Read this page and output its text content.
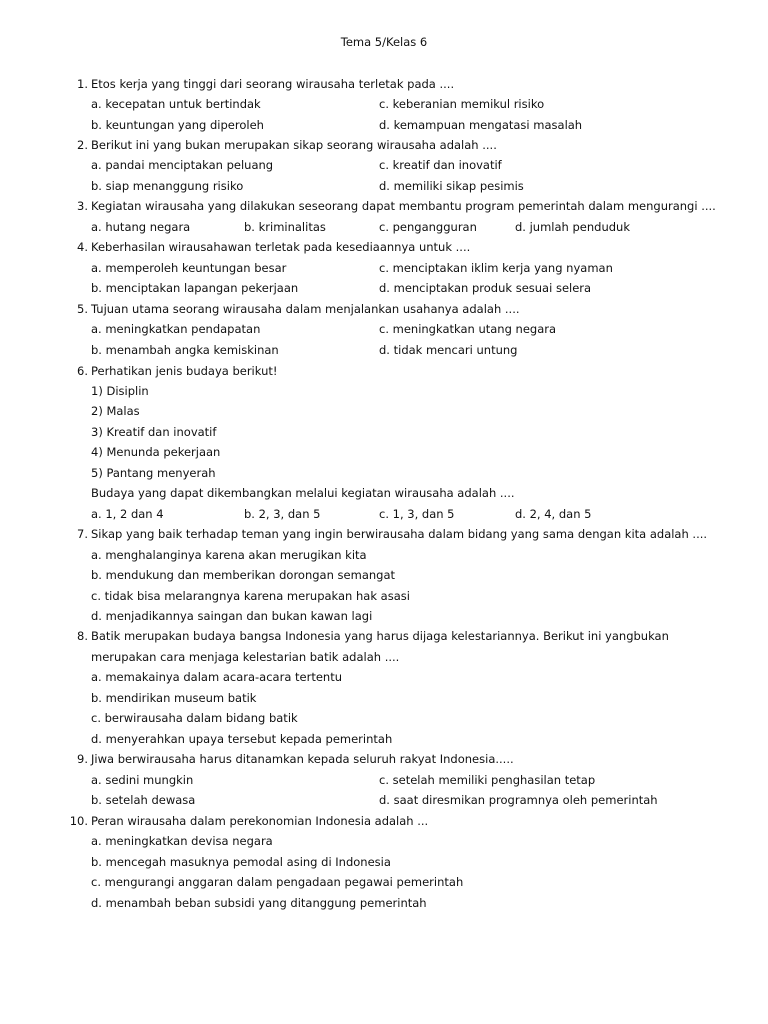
Tema 5/Kelas 6
1. Etos kerja yang tinggi dari seorang wirausaha terletak pada ....
a. kecepatan untuk bertindak	c. keberanian memikul risiko
b. keuntungan yang diperoleh	d. kemampuan mengatasi masalah
2. Berikut ini yang bukan merupakan sikap seorang wirausaha adalah ....
a. pandai menciptakan peluang	c. kreatif dan inovatif
b. siap menanggung risiko	d. memiliki sikap pesimis
3. Kegiatan wirausaha yang dilakukan seseorang dapat membantu program pemerintah dalam mengurangi ....
a. hutang negara	b. kriminalitas	c. pengangguran	d. jumlah penduduk
4. Keberhasilan wirausahawan terletak pada kesediaannya untuk ....
a. memperoleh keuntungan besar	c. menciptakan iklim kerja yang nyaman
b. menciptakan lapangan pekerjaan	d. menciptakan produk sesuai selera
5. Tujuan utama seorang wirausaha dalam menjalankan usahanya adalah ....
a. meningkatkan pendapatan	c. meningkatkan utang negara
b. menambah angka kemiskinan	d. tidak mencari untung
6. Perhatikan jenis budaya berikut!
1) Disiplin
2) Malas
3) Kreatif dan inovatif
4) Menunda pekerjaan
5) Pantang menyerah
Budaya yang dapat dikembangkan melalui kegiatan wirausaha adalah ....
a. 1, 2 dan 4	b. 2, 3, dan 5	c. 1, 3, dan 5	d. 2, 4, dan 5
7. Sikap yang baik terhadap teman yang ingin berwirausaha dalam bidang yang sama dengan kita adalah ....
a. menghalanginya karena akan merugikan kita
b. mendukung dan memberikan dorongan semangat
c. tidak bisa melarangnya karena merupakan hak asasi
d. menjadikannya saingan dan bukan kawan lagi
8. Batik merupakan budaya bangsa Indonesia yang harus dijaga kelestariannya. Berikut ini yangbukan
merupakan cara menjaga kelestarian batik adalah ....
a. memakainya dalam acara-acara tertentu
b. mendirikan museum batik
c. berwirausaha dalam bidang batik
d. menyerahkan upaya tersebut kepada pemerintah
9. Jiwa berwirausaha harus ditanamkan kepada seluruh rakyat Indonesia.....
a. sedini mungkin	c. setelah memiliki penghasilan tetap
b. setelah dewasa	d. saat diresmikan programnya oleh pemerintah
10. Peran wirausaha dalam perekonomian Indonesia adalah ...
a. meningkatkan devisa negara
b. mencegah masuknya pemodal asing di Indonesia
c. mengurangi anggaran dalam pengadaan pegawai pemerintah
d. menambah beban subsidi yang ditanggung pemerintah
